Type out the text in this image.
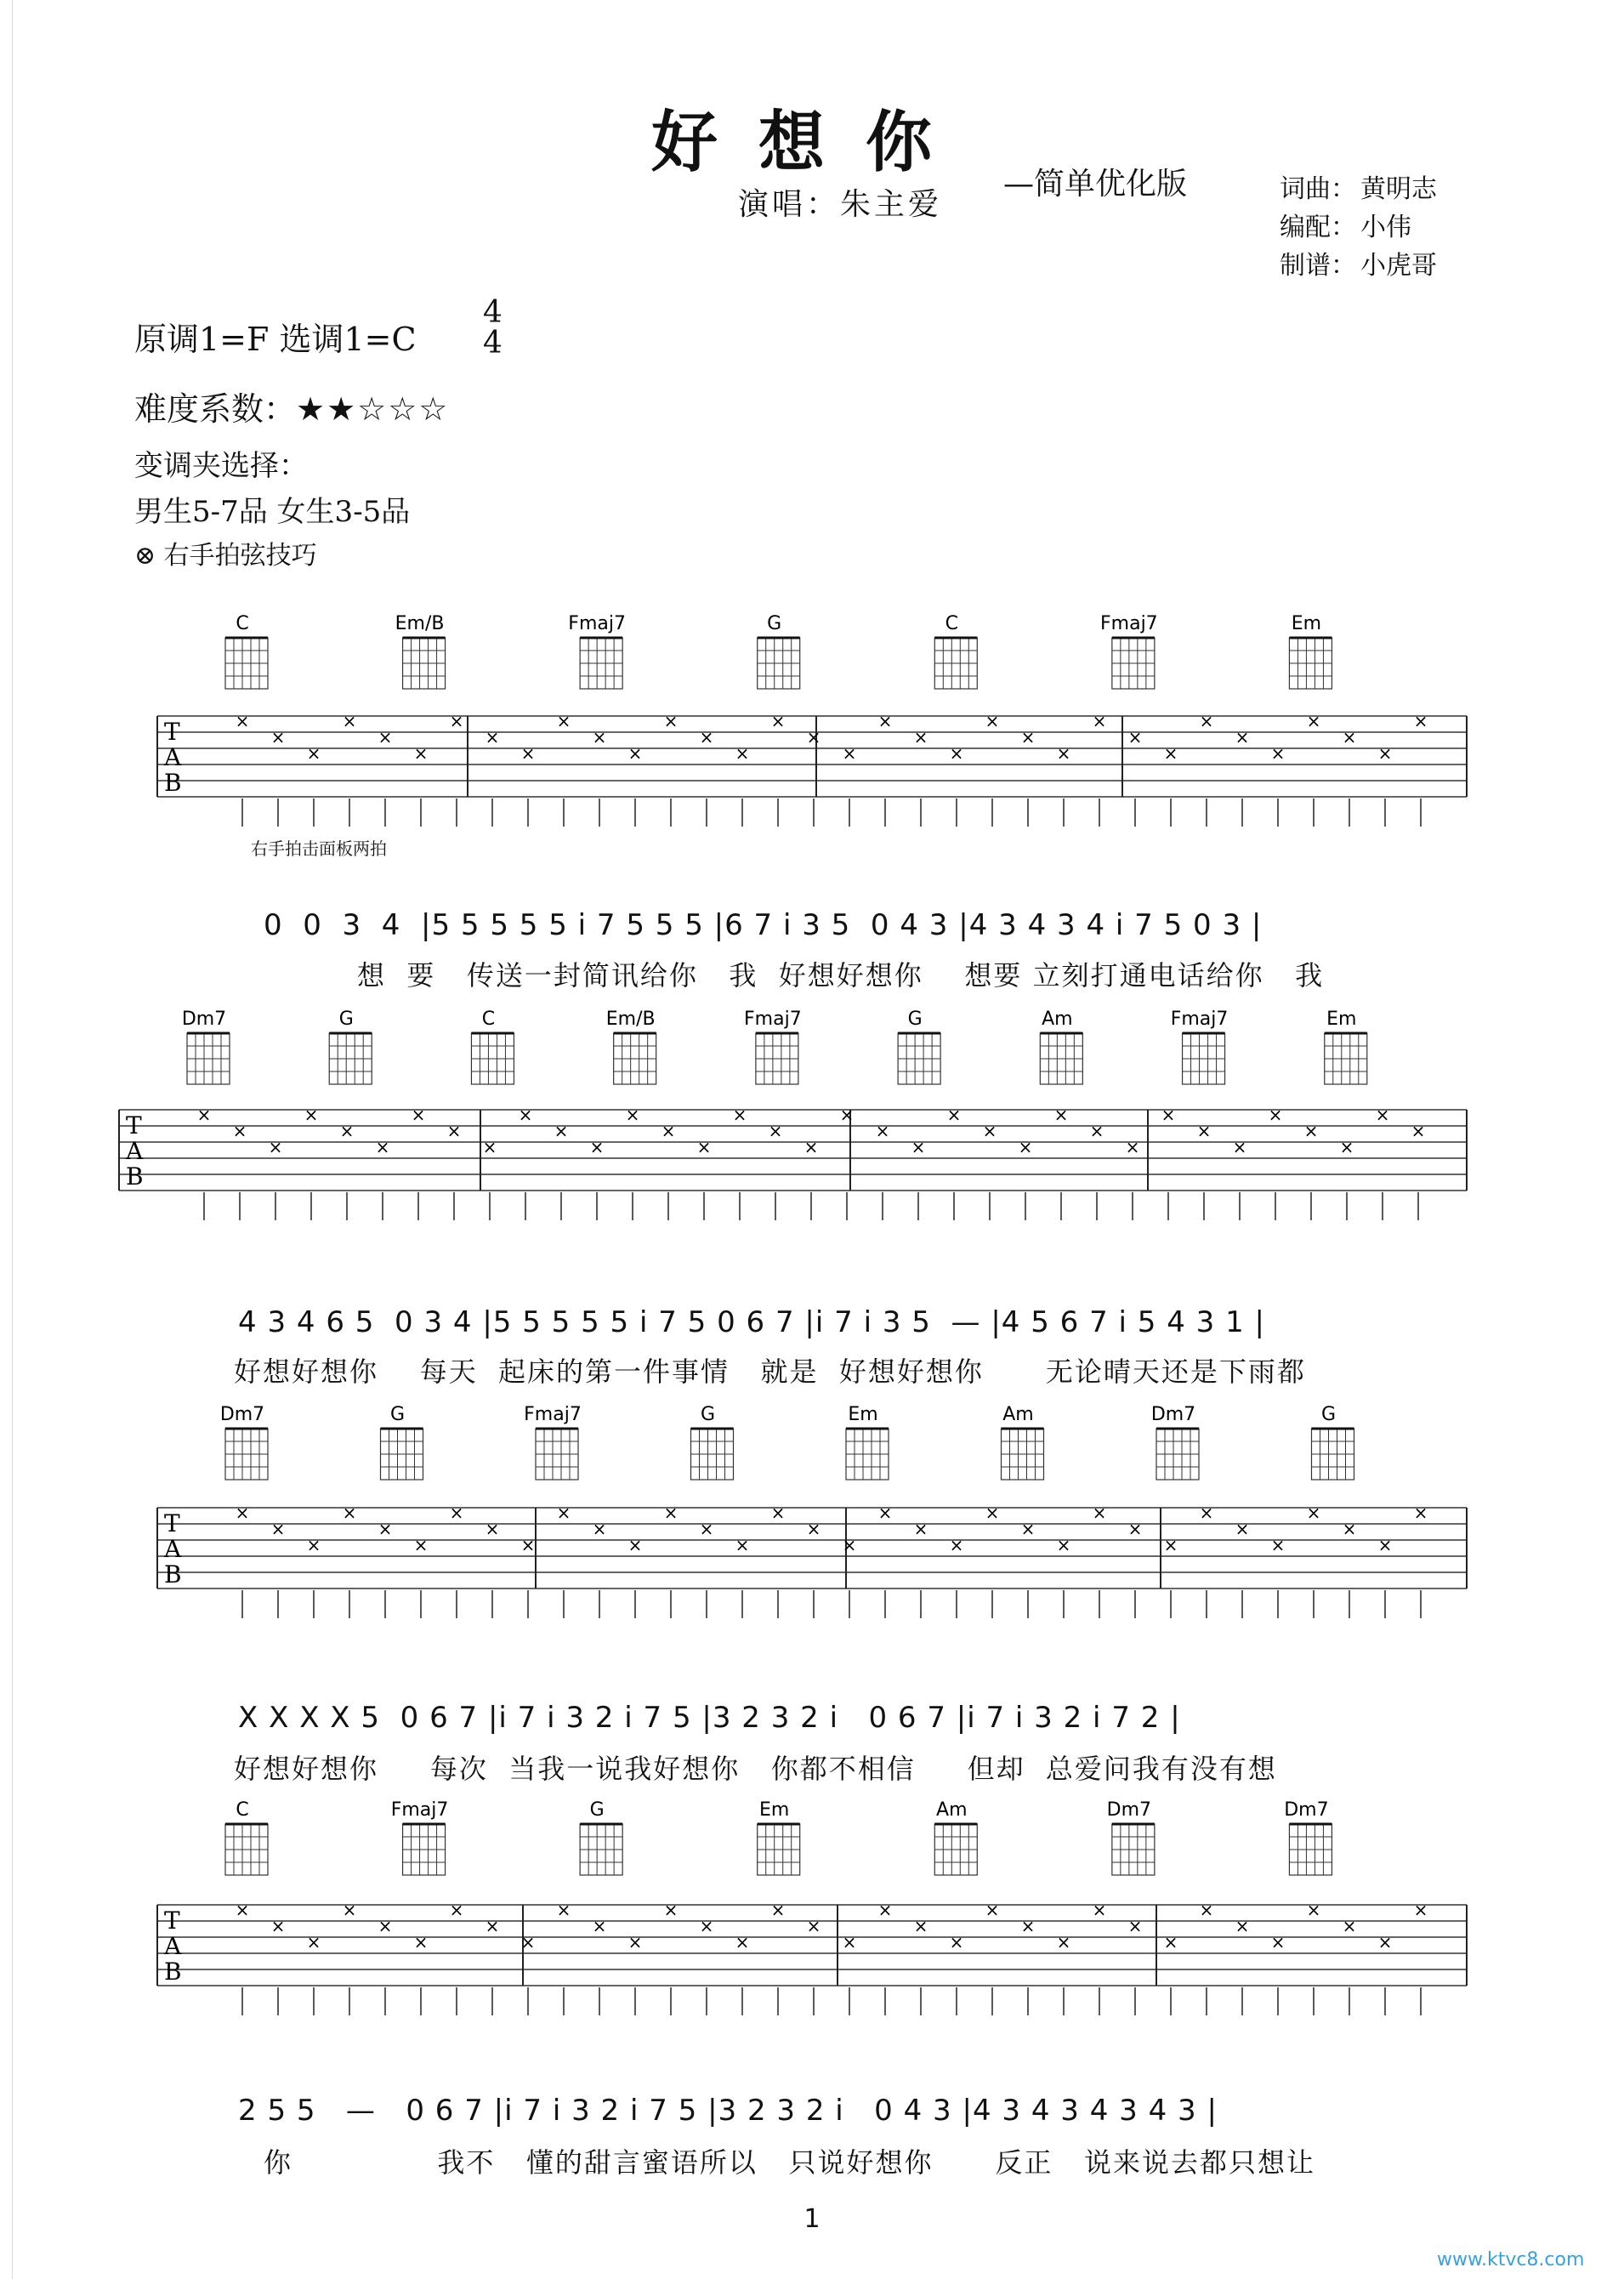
好想你
—简单优化版
演唱：朱主爱	词曲： 黄明志
编配： 小伟
制谱： 小虎哥
原调1=F 选调1=C
4
4
难度系数：★★☆☆☆
变调夹选择：
男生5-7品 女生3-5品
⊗ 右手拍弦技巧
T
A
B
C	Em/B	Fmaj7	G	C	Fmaj7	Em
×
×
×
×
×
×
×
×
×
×
×
×
×
×
×
×
×
×
×
×
×
×
×
×
×
×
×
×
×
×
×
×
×
×
T
A
B
Dm7	G	C	Em/B	Fmaj7	G	Am	Fmaj7	Em
×
×
×
×
×
×
×
×
×
×
×
×
×
×
×
×
×
×
×
×
×
×
×
×
×
×
×
×
×
×
×
×
×
×
×
T
A
B
Dm7	G	Fmaj7	G	Em	Am	Dm7	G
×
×
×
×
×
×
×
×
×
×
×
×
×
×
×
×
×
×
×
×
×
×
×
×
×
×
×
×
×
×
×
×
×
×
T
A
B
C	Fmaj7	G	Em	Am	Dm7	Dm7
×
×
×
×
×
×
×
×
×
×
×
×
×
×
×
×
×
×
×
×
×
×
×
×
×
×
×
×
×
×
×
×
×
×
右手拍击面板两拍
0  0  3  4  |5 5 5 5 5 i 7 5 5 5 |6 7 i 3 5  0 4 3 |4 3 4 3 4 i 7 5 0 3 |
想  要   传送一封简讯给你   我  好想好想你    想要 立刻打通电话给你   我
4 3 4 6 5  0 3 4 |5 5 5 5 5 i 7 5 0 6 7 |i 7 i 3 5  — |4 5 6 7 i 5 4 3 1 |
好想好想你    每天  起床的第一件事情   就是  好想好想你      无论晴天还是下雨都
X X X X 5  0 6 7 |i 7 i 3 2 i 7 5 |3 2 3 2 i   0 6 7 |i 7 i 3 2 i 7 2 |
好想好想你     每次  当我一说我好想你   你都不相信     但却  总爱问我有没有想
2 5 5   —   0 6 7 |i 7 i 3 2 i 7 5 |3 2 3 2 i   0 4 3 |4 3 4 3 4 3 4 3 |
你              我不   懂的甜言蜜语所以   只说好想你      反正   说来说去都只想让
1
www.ktvc8.com
